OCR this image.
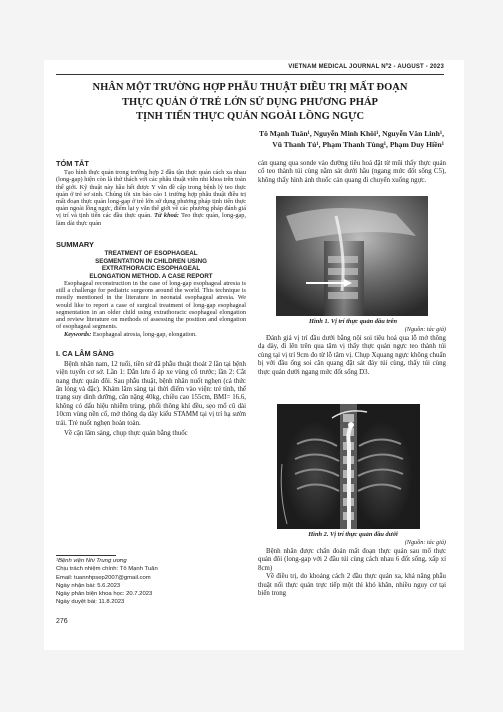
VIETNAM MEDICAL JOURNAL Nº2 - AUGUST - 2023
NHÂN MỘT TRƯỜNG HỢP PHẪU THUẬT ĐIỀU TRỊ MẤT ĐOẠN
THỰC QUẢN Ở TRẺ LỚN SỬ DỤNG PHƯƠNG PHÁP
TỊNH TIẾN THỰC QUẢN NGOÀI LỒNG NGỰC
Tô Mạnh Tuân¹, Nguyễn Minh Khôi¹, Nguyễn Văn Linh¹,
Vũ Thanh Tú¹, Phạm Thanh Tùng¹, Phạm Duy Hiền¹
TÓM TẮT

Tạo hình thực quản trong trường hợp 2 đầu tận thực quản cách xa nhau (long-gap) hiện còn là thử thách với các phẫu thuật viên nhi khoa trên toàn thế giới. Kỹ thuật này hầu hết được Y văn đề cập trong bệnh lý teo thực quản ở trẻ sơ sinh. Chúng tôi xin báo cáo 1 trường hợp phẫu thuật điều trị mất đoạn thực quản long-gap ở trẻ lớn sử dụng phương pháp tịnh tiến thực quản ngoài lồng ngực, điểm lại y văn thế giới về các phương pháp đánh giá vị trí và tịnh tiến các đầu thực quản. Từ khoá: Teo thực quản, long-gap, làm dài thực quản

SUMMARY
TREATMENT OF ESOPHAGEAL
SEGMENTATION IN CHILDREN USING
EXTRATHORACIC ESOPHAGEAL
ELONGATION METHOD. A CASE REPORT

Esophageal reconstruction in the case of long-gap esophageal atresia is still a challenge for pediatric surgeons around the world. This technique is mostly mentioned in the literature in neonatal esophageal atresia. We would like to report a case of surgical treatment of long-gap esophageal segmentation in an older child using extrathoracic esophageal elongation and review literature on methods of assessing the position and elongation of esophageal segments.

Keywords: Esophageal atresia, long-gap, elongation.

I. CA LÂM SÀNG

Bệnh nhân nam, 12 tuổi, tiền sử đã phẫu thuật thoát 2 lần tại bệnh viện tuyến cơ sở. Lần 1: Dẫn lưu ổ áp xe vùng cổ trước; lần 2: Cắt nang thực quản đôi. Sau phẫu thuật, bệnh nhân nuốt nghẹn (cả thức ăn lỏng và đặc). Khám lâm sàng tại thời điểm vào viện: trẻ tỉnh, thể trạng suy dinh dưỡng, cân nặng 40kg, chiều cao 155cm, BMI= 16.6, không có dấu hiệu nhiễm trùng, phổi thông khí đều, sẹo mổ cũ dài 10cm vùng nền cổ, mở thông dạ dày kiểu STAMM tại vị trí hạ sườn trái. Trẻ nuốt nghẹn hoàn toàn.

Về cận lâm sàng, chụp thực quản bằng thuốc

¹Bệnh viện Nhi Trung ương
Chịu trách nhiệm chính: Tô Mạnh Tuân
Email: tuannhpsep2007@gmail.com
Ngày nhận bài: 5.6.2023
Ngày phản biện khoa học: 20.7.2023
Ngày duyệt bài: 11.8.2023
276

cản quang qua sonde vào đường tiêu hoá đặt từ mũi thấy thực quản cổ teo thành túi cùng nằm sát dưới hầu (ngang mức đốt sống C5), không thấy hình ảnh thuốc cản quang đi chuyển xuống ngực.

Hình 1. Vị trí thực quản đầu trên
(Nguồn: tác giả)

Đánh giá vị trí đầu dưới bằng nội soi tiêu hoá qua lỗ mở thông dạ dày, đi lên trên qua tâm vị thấy thực quản ngực teo thành túi cùng tại vị trí 9cm đo từ lỗ tâm vị. Chụp Xquang ngực không chuẩn bị với đầu ống soi căn quang đặt sát đáy túi cùng, thấy túi cùng thực quản dưới ngang mức đốt sống D3.

Hình 2. Vị trí thực quản đầu dưới
(Nguồn: tác giả)

Bệnh nhân được chẩn đoán mất đoạn thực quản sau mổ thực quản đôi (long-gap với 2 đầu túi cùng cách nhau 6 đốt sống, xấp xỉ 8cm)

Về điều trị, do khoảng cách 2 đầu thực quản xa, khả năng phẫu thuật nối thực quản trực tiếp một thì khó khăn, nhiều nguy cơ tại biến trong
